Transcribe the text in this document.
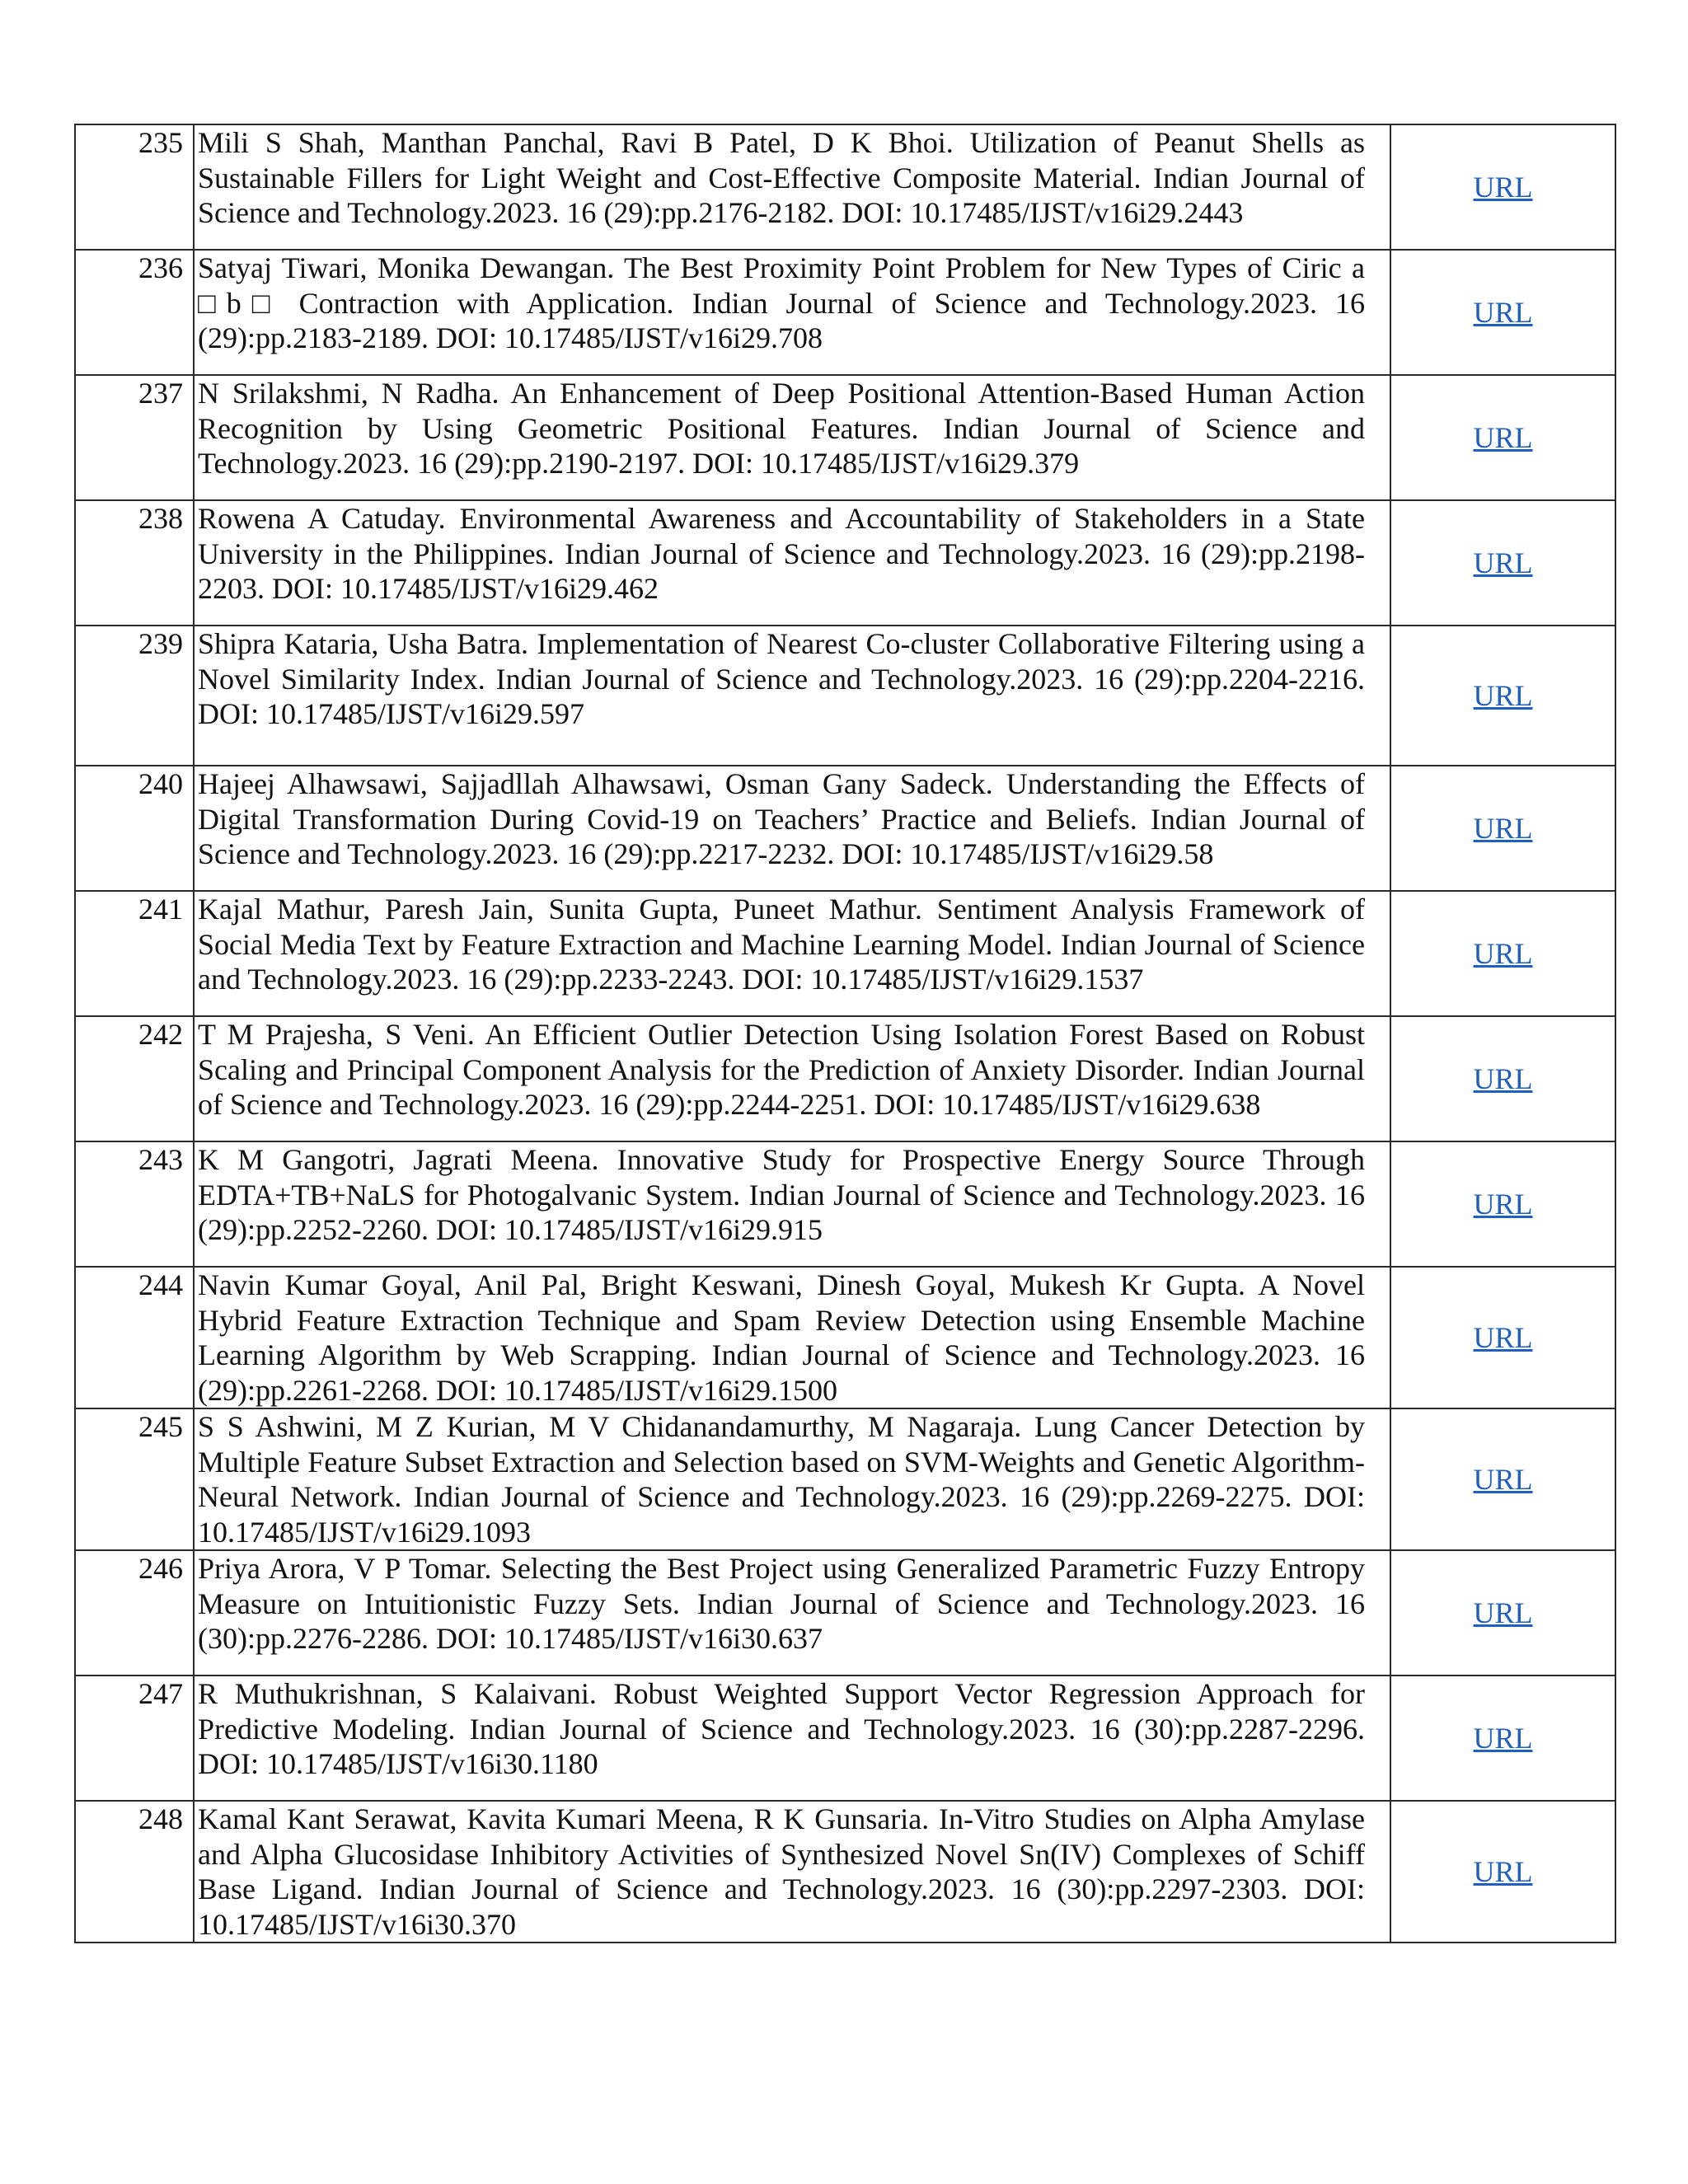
235	Mili S Shah, Manthan Panchal, Ravi B Patel, D K Bhoi. Utilization of Peanut Shells as Sustainable Fillers for Light Weight and Cost-Effective Composite Material. Indian Journal of Science and Technology.2023. 16 (29):pp.2176-2182. DOI: 10.17485/IJST/v16i29.2443	URL
236	Satyaj Tiwari, Monika Dewangan. The Best Proximity Point Problem for New Types of Ciric a □b□ Contraction with Application. Indian Journal of Science and Technology.2023. 16 (29):pp.2183-2189. DOI: 10.17485/IJST/v16i29.708	URL
237	N Srilakshmi, N Radha. An Enhancement of Deep Positional Attention-Based Human Action Recognition by Using Geometric Positional Features. Indian Journal of Science and Technology.2023. 16 (29):pp.2190-2197. DOI: 10.17485/IJST/v16i29.379	URL
238	Rowena A Catuday. Environmental Awareness and Accountability of Stakeholders in a State University in the Philippines. Indian Journal of Science and Technology.2023. 16 (29):pp.2198-2203. DOI: 10.17485/IJST/v16i29.462	URL
239	Shipra Kataria, Usha Batra. Implementation of Nearest Co-cluster Collaborative Filtering using a Novel Similarity Index. Indian Journal of Science and Technology.2023. 16 (29):pp.2204-2216. DOI: 10.17485/IJST/v16i29.597	URL
240	Hajeej Alhawsawi, Sajjadllah Alhawsawi, Osman Gany Sadeck. Understanding the Effects of Digital Transformation During Covid-19 on Teachers’ Practice and Beliefs. Indian Journal of Science and Technology.2023. 16 (29):pp.2217-2232. DOI: 10.17485/IJST/v16i29.58	URL
241	Kajal Mathur, Paresh Jain, Sunita Gupta, Puneet Mathur. Sentiment Analysis Framework of Social Media Text by Feature Extraction and Machine Learning Model. Indian Journal of Science and Technology.2023. 16 (29):pp.2233-2243. DOI: 10.17485/IJST/v16i29.1537	URL
242	T M Prajesha, S Veni. An Efficient Outlier Detection Using Isolation Forest Based on Robust Scaling and Principal Component Analysis for the Prediction of Anxiety Disorder. Indian Journal of Science and Technology.2023. 16 (29):pp.2244-2251. DOI: 10.17485/IJST/v16i29.638	URL
243	K M Gangotri, Jagrati Meena. Innovative Study for Prospective Energy Source Through EDTA+TB+NaLS for Photogalvanic System. Indian Journal of Science and Technology.2023. 16 (29):pp.2252-2260. DOI: 10.17485/IJST/v16i29.915	URL
244	Navin Kumar Goyal, Anil Pal, Bright Keswani, Dinesh Goyal, Mukesh Kr Gupta. A Novel Hybrid Feature Extraction Technique and Spam Review Detection using Ensemble Machine Learning Algorithm by Web Scrapping. Indian Journal of Science and Technology.2023. 16 (29):pp.2261-2268. DOI: 10.17485/IJST/v16i29.1500	URL
245	S S Ashwini, M Z Kurian, M V Chidanandamurthy, M Nagaraja. Lung Cancer Detection by Multiple Feature Subset Extraction and Selection based on SVM-Weights and Genetic Algorithm-Neural Network. Indian Journal of Science and Technology.2023. 16 (29):pp.2269-2275. DOI: 10.17485/IJST/v16i29.1093	URL
246	Priya Arora, V P Tomar. Selecting the Best Project using Generalized Parametric Fuzzy Entropy Measure on Intuitionistic Fuzzy Sets. Indian Journal of Science and Technology.2023. 16 (30):pp.2276-2286. DOI: 10.17485/IJST/v16i30.637	URL
247	R Muthukrishnan, S Kalaivani. Robust Weighted Support Vector Regression Approach for Predictive Modeling. Indian Journal of Science and Technology.2023. 16 (30):pp.2287-2296. DOI: 10.17485/IJST/v16i30.1180	URL
248	Kamal Kant Serawat, Kavita Kumari Meena, R K Gunsaria. In-Vitro Studies on Alpha Amylase and Alpha Glucosidase Inhibitory Activities of Synthesized Novel Sn(IV) Complexes of Schiff Base Ligand. Indian Journal of Science and Technology.2023. 16 (30):pp.2297-2303. DOI: 10.17485/IJST/v16i30.370	URL
